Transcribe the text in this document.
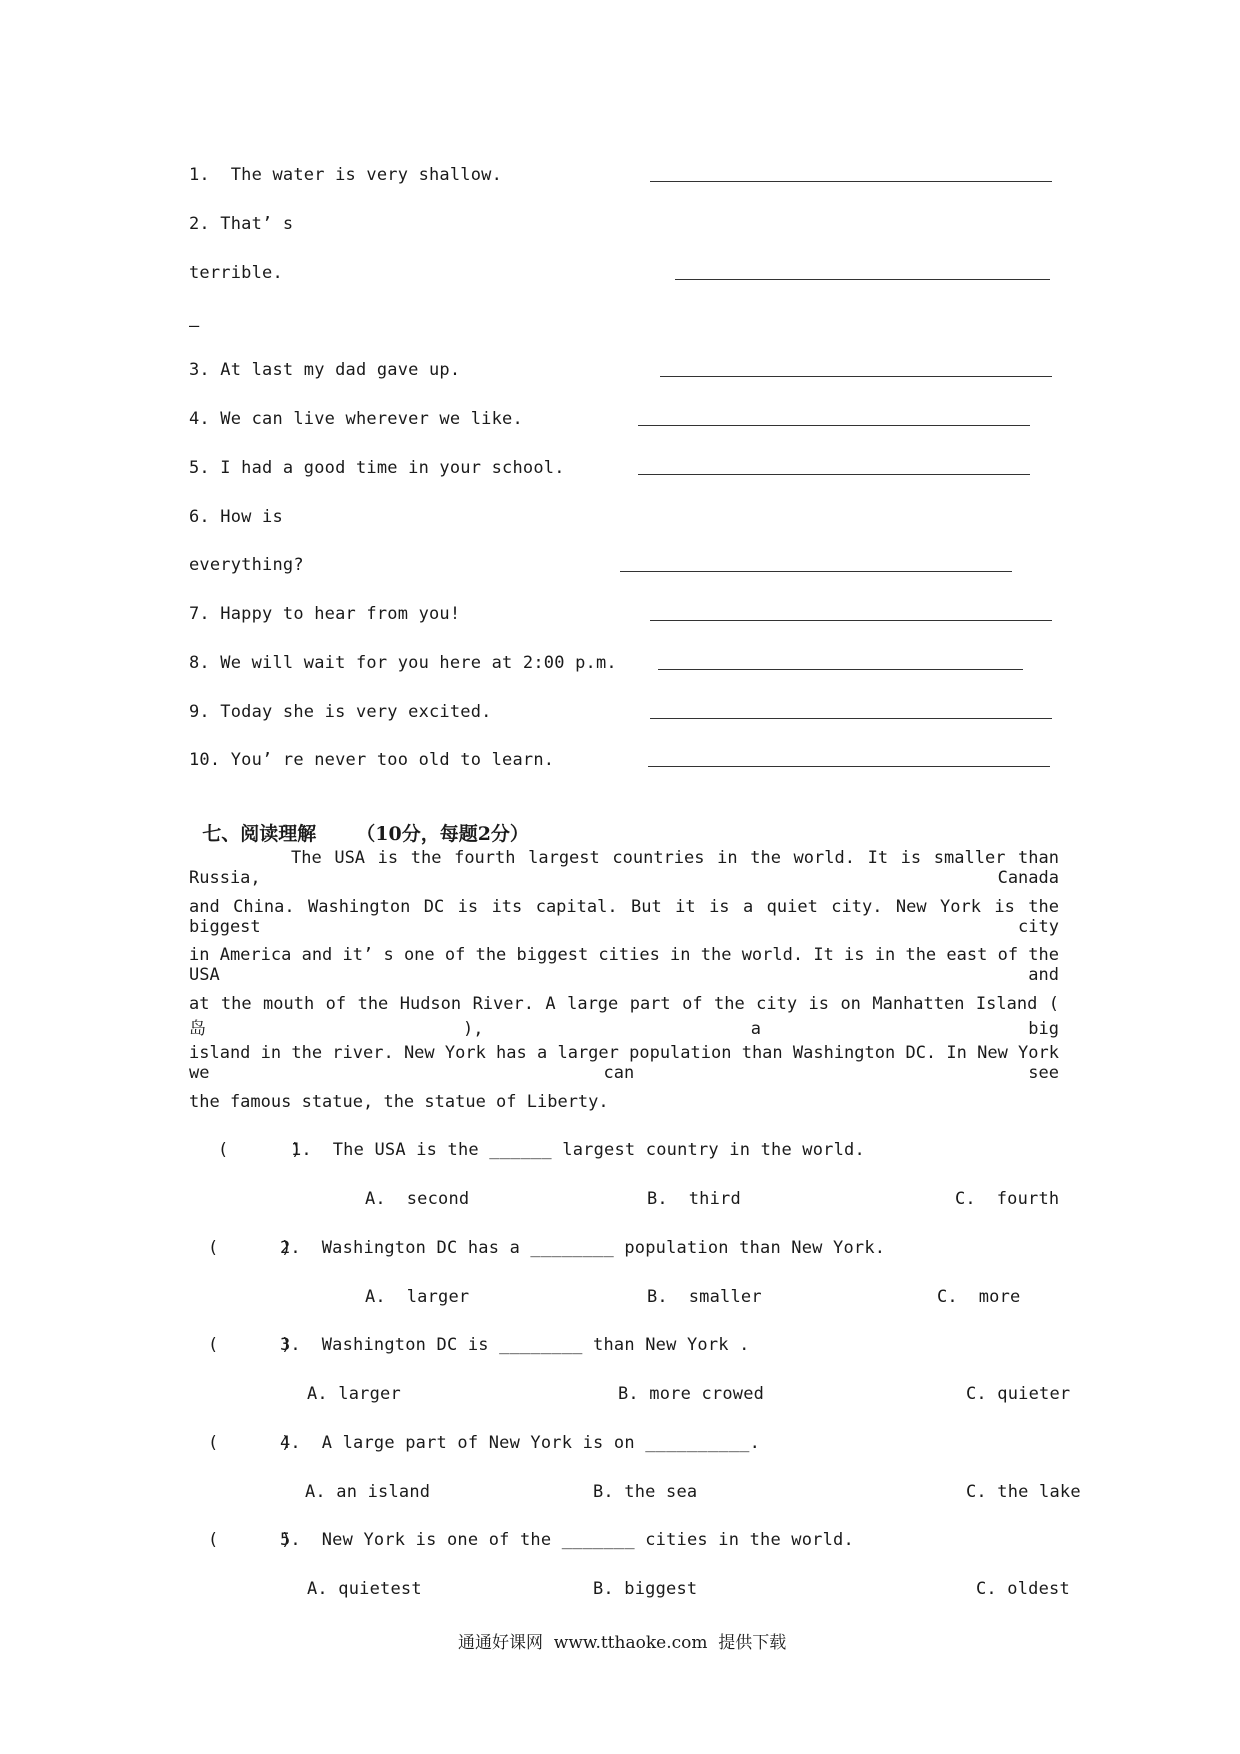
1.  The water is very shallow.
2. That’ s
terrible.
—
3. At last my dad gave up.
4. We can live wherever we like.
5. I had a good time in your school.
6. How is
everything?
7. Happy to hear from you!
8. We will wait for you here at 2:00 p.m.
9. Today she is very excited.
10. You’ re never too old to learn.

七、阅读理解 （10分，每题2分）

The USA is the fourth largest countries in the world. It is smaller than Russia, Canada
and China. Washington DC is its capital. But it is a quiet city. New York is the biggest city
in America and it’ s one of the biggest cities in the world. It is in the east of the USA and
at the mouth of the Hudson River. A large part of the city is on Manhatten Island ( 岛), a big
island in the river. New York has a larger population than Washington DC. In New York we can see
the famous statue, the statue of Liberty.
(      )
1.  The USA is the ______ largest country in the world.
A.  second	B.  third	C.  fourth
(      )
2.  Washington DC has a ________ population than New York.
A.  larger	B.  smaller	C.  more
(      )
3.  Washington DC is ________ than New York .
A. larger	B. more crowed	C. quieter
(      )
4.  A large part of New York is on __________.
A. an island	B. the sea	C. the lake
(      )
5.  New York is one of the _______ cities in the world.
A. quietest	B. biggest	C. oldest
通通好课网  www.tthaoke.com  提供下载
